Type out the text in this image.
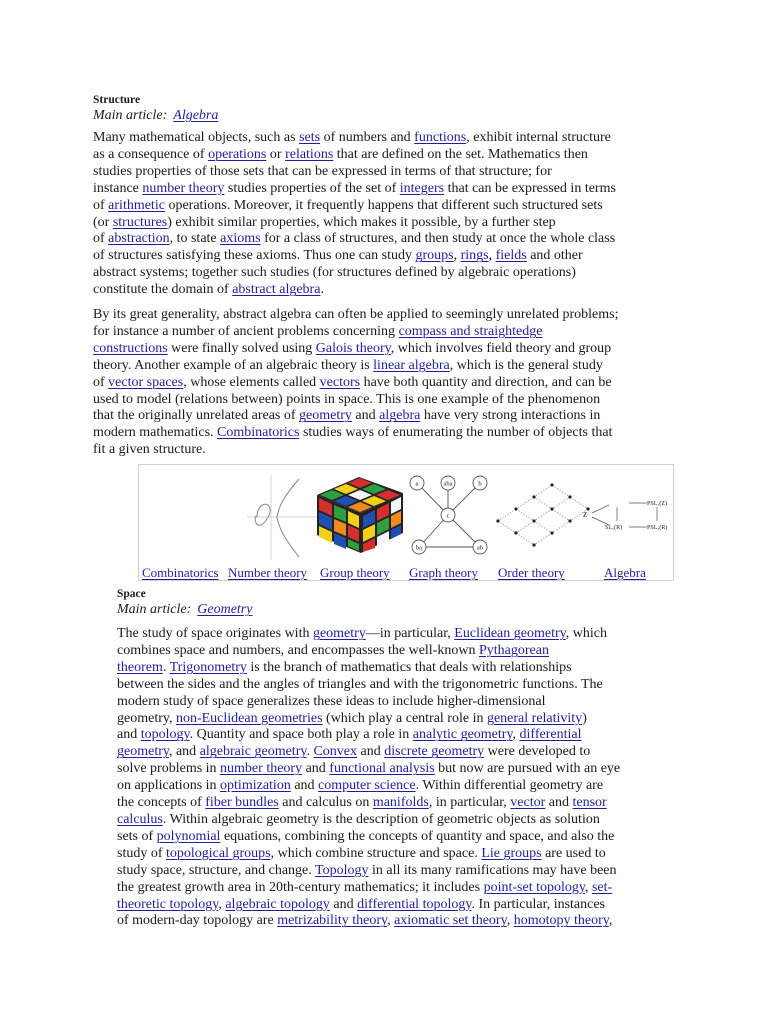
Structure
Main article: Algebra
Many mathematical objects, such as sets of numbers and functions, exhibit internal structure
as a consequence of operations or relations that are defined on the set. Mathematics then
studies properties of those sets that can be expressed in terms of that structure; for
instance number theory studies properties of the set of integers that can be expressed in terms
of arithmetic operations. Moreover, it frequently happens that different such structured sets
(or structures) exhibit similar properties, which makes it possible, by a further step
of abstraction, to state axioms for a class of structures, and then study at once the whole class
of structures satisfying these axioms. Thus one can study groups, rings, fields and other
abstract systems; together such studies (for structures defined by algebraic operations)
constitute the domain of abstract algebra.
By its great generality, abstract algebra can often be applied to seemingly unrelated problems;
for instance a number of ancient problems concerning compass and straightedge
constructions were finally solved using Galois theory, which involves field theory and group
theory. Another example of an algebraic theory is linear algebra, which is the general study
of vector spaces, whose elements called vectors have both quantity and direction, and can be
used to model (relations between) points in space. This is one example of the phenomenon
that the originally unrelated areas of geometry and algebra have very strong interactions in
modern mathematics. Combinatorics studies ways of enumerating the number of objects that
fit a given structure.
a	aba	b
c
ba	ab
Z
PSL₂(Z)
SL₂(R)	PSL₂(R)
Combinatorics Number theory Group theory Graph theory Order theory	Algebra
Space
Main article: Geometry
The study of space originates with geometry—in particular, Euclidean geometry, which
combines space and numbers, and encompasses the well-known Pythagorean
theorem. Trigonometry is the branch of mathematics that deals with relationships
between the sides and the angles of triangles and with the trigonometric functions. The
modern study of space generalizes these ideas to include higher-dimensional
geometry, non-Euclidean geometries (which play a central role in general relativity)
and topology. Quantity and space both play a role in analytic geometry, differential
geometry, and algebraic geometry. Convex and discrete geometry were developed to
solve problems in number theory and functional analysis but now are pursued with an eye
on applications in optimization and computer science. Within differential geometry are
the concepts of fiber bundles and calculus on manifolds, in particular, vector and tensor
calculus. Within algebraic geometry is the description of geometric objects as solution
sets of polynomial equations, combining the concepts of quantity and space, and also the
study of topological groups, which combine structure and space. Lie groups are used to
study space, structure, and change. Topology in all its many ramifications may have been
the greatest growth area in 20th-century mathematics; it includes point-set topology, set-
theoretic topology, algebraic topology and differential topology. In particular, instances
of modern-day topology are metrizability theory, axiomatic set theory, homotopy theory,
